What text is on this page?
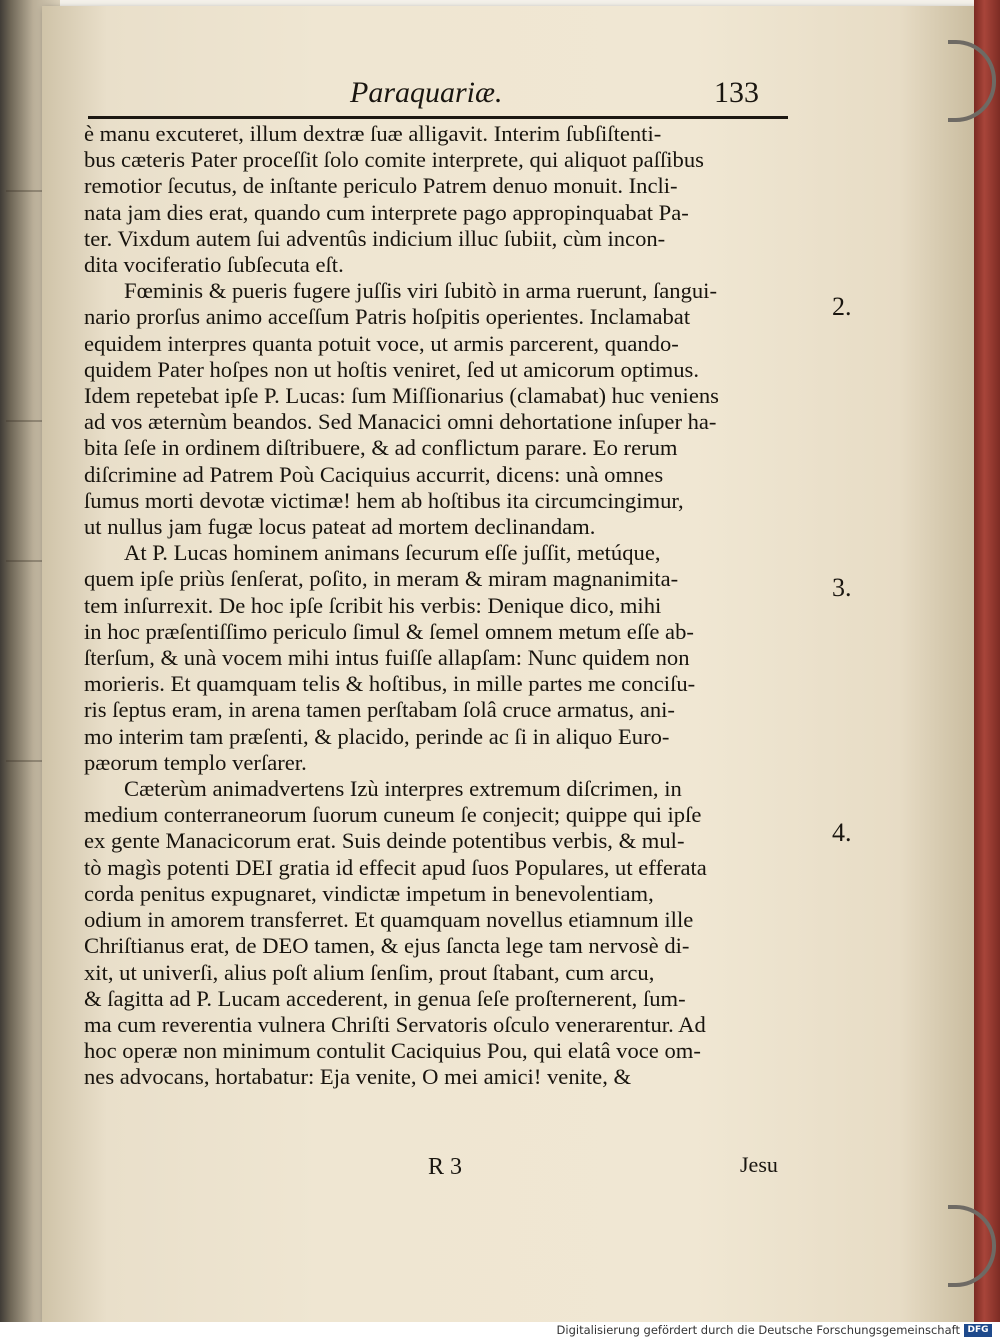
Paraquariæ.	133
è manu excuteret, illum dextræ ſuæ alligavit. Interim ſubſiſtenti-
bus cæteris Pater proceſſit ſolo comite interprete, qui aliquot paſſibus
remotior ſecutus, de inſtante periculo Patrem denuo monuit. Incli-
nata jam dies erat, quando cum interprete pago appropinquabat Pa-
ter. Vixdum autem ſui adventûs indicium illuc ſubiit, cùm incon-
dita vociferatio ſubſecuta eſt.
Fœminis & pueris fugere juſſis viri ſubitò in arma ruerunt, ſangui-
nario prorſus animo acceſſum Patris hoſpitis operientes. Inclamabat
equidem interpres quanta potuit voce, ut armis parcerent, quando-
quidem Pater hoſpes non ut hoſtis veniret, ſed ut amicorum optimus.
Idem repetebat ipſe P. Lucas: ſum Miſſionarius (clamabat) huc veniens
ad vos æternùm beandos. Sed Manacici omni dehortatione inſuper ha-
bita ſeſe in ordinem diſtribuere, & ad conflictum parare. Eo rerum
diſcrimine ad Patrem Poù Caciquius accurrit, dicens: unà omnes
ſumus morti devotæ victimæ! hem ab hoſtibus ita circumcingimur,
ut nullus jam fugæ locus pateat ad mortem declinandam.
At P. Lucas hominem animans ſecurum eſſe juſſit, metúque,
quem ipſe priùs ſenſerat, poſito, in meram & miram magnanimita-
tem inſurrexit. De hoc ipſe ſcribit his verbis: Denique dico, mihi
in hoc præſentiſſimo periculo ſimul & ſemel omnem metum eſſe ab-
ſterſum, & unà vocem mihi intus fuiſſe allapſam: Nunc quidem non
morieris. Et quamquam telis & hoſtibus, in mille partes me conciſu-
ris ſeptus eram, in arena tamen perſtabam ſolâ cruce armatus, ani-
mo interim tam præſenti, & placido, perinde ac ſi in aliquo Euro-
pæorum templo verſarer.
Cæterùm animadvertens Izù interpres extremum diſcrimen, in
medium conterraneorum ſuorum cuneum ſe conjecit; quippe qui ipſe
ex gente Manacicorum erat. Suis deinde potentibus verbis, & mul-
tò magìs potenti DEI gratia id effecit apud ſuos Populares, ut efferata
corda penitus expugnaret, vindictæ impetum in benevolentiam,
odium in amorem transferret. Et quamquam novellus etiamnum ille
Chriſtianus erat, de DEO tamen, & ejus ſancta lege tam nervosè di-
xit, ut univerſi, alius poſt alium ſenſim, prout ſtabant, cum arcu,
& ſagitta ad P. Lucam accederent, in genua ſeſe proſternerent, ſum-
ma cum reverentia vulnera Chriſti Servatoris oſculo venerarentur. Ad
hoc operæ non minimum contulit Caciquius Pou, qui elatâ voce om-
nes advocans, hortabatur: Eja venite, O mei amici! venite, &
2.
3.
4.
R 3	Jesu
Digitalisierung gefördert durch die Deutsche Forschungsgemeinschaft DFG
